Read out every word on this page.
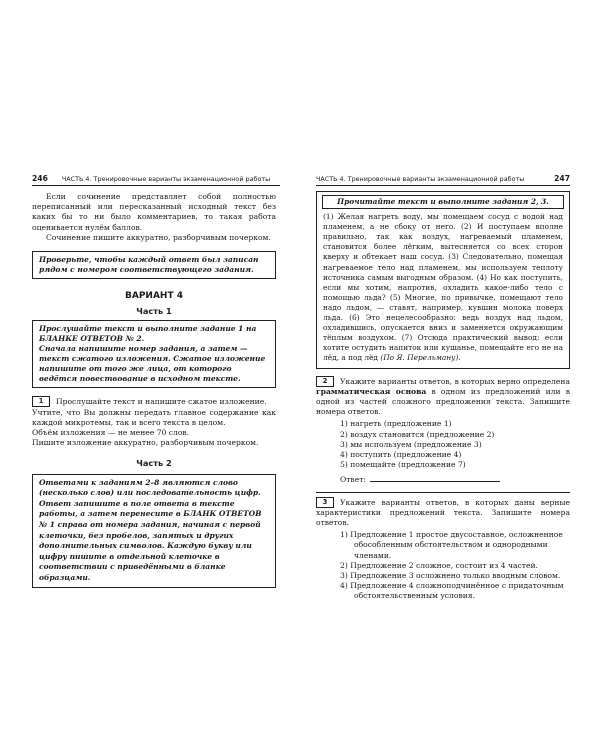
246 ЧАСТЬ 4. Тренировочные варианты экзаменационной работы

Если сочинение представляет собой полностью переписанный или пересказанный исходный текст без каких бы то ни было комментариев, то такая работа оценивается нулём баллов.

Сочинение пишите аккуратно, разборчивым почерком.

Проверьте, чтобы каждый ответ был записан рядом с номером соответствующего задания.
ВАРИАНТ 4
Часть 1
Прослушайте текст и выполните задание 1 на БЛАНКЕ ОТВЕТОВ № 2.
Сначала напишите номер задания, а затем — текст сжатого изложения. Сжатое изложение напишите от того же лица, от которого ведётся повествование в исходном тексте.

1 Прослушайте текст и напишите сжатое изложение.

Учтите, что Вы должны передать главное содержание как каждой микротемы, так и всего текста в целом.

Объём изложения — не менее 70 слов.

Пишите изложение аккуратно, разборчивым почерком.

Часть 2
Ответами к заданиям 2–8 являются слово (несколько слов) или последовательность цифр. Ответ запишите в поле ответа в тексте работы, а затем перенесите в БЛАНК ОТВЕТОВ № 1 справа от номера задания, начиная с первой клеточки, без пробелов, запятых и других дополнительных символов. Каждую букву или цифру пишите в отдельной клеточке в соответствии с приведёнными в бланке образцами.
ЧАСТЬ 4. Тренировочные варианты экзаменационной работы	247
Прочитайте текст и выполните задания 2, 3.
(1) Желая нагреть воду, мы помещаем сосуд с водой над пламенем, а не сбоку от него. (2) И поступаем вполне правильно, так как воздух, нагреваемый пламенем, становится более лёгким, вытесняется со всех сторон кверху и обтекает наш сосуд. (3) Следовательно, помещая нагреваемое тело над пламенем, мы используем теплоту источника самым выгодным образом. (4) Но как поступить, если мы хотим, напротив, охладить какое-либо тело с помощью льда? (5) Многие, по привычке, помещают тело надо льдом, — ставят, например, кувшин молока поверх льда. (6) Это нецелесообразно: ведь воздух над льдом, охладившись, опускается вниз и заменяется окружающим тёплым воздухом. (7) Отсюда практический вывод: если хотите остудить напиток или кушанье, помещайте его не на лёд, а под лёд (По Я. Перельману).

2 Укажите варианты ответов, в которых верно определена грамматическая основа в одном из предложений или в одной из частей сложного предложения текста. Запишите номера ответов.

1) нагреть (предложение 1)
2) воздух становится (предложение 2)
3) мы используем (предложение 3)
4) поступить (предложение 4)
5) помещайте (предложение 7)
Ответ:

3 Укажите варианты ответов, в которых даны верные характеристики предложений текста. Запишите номера ответов.

1) Предложение 1 простое двусоставное, осложненное обособленным обстоятельством и однородными членами.
2) Предложение 2 сложное, состоит из 4 частей.
3) Предложение 3 осложнено только вводным словом.
4) Предложение 4 сложноподчинённое с придаточным обстоятельственным условия.
